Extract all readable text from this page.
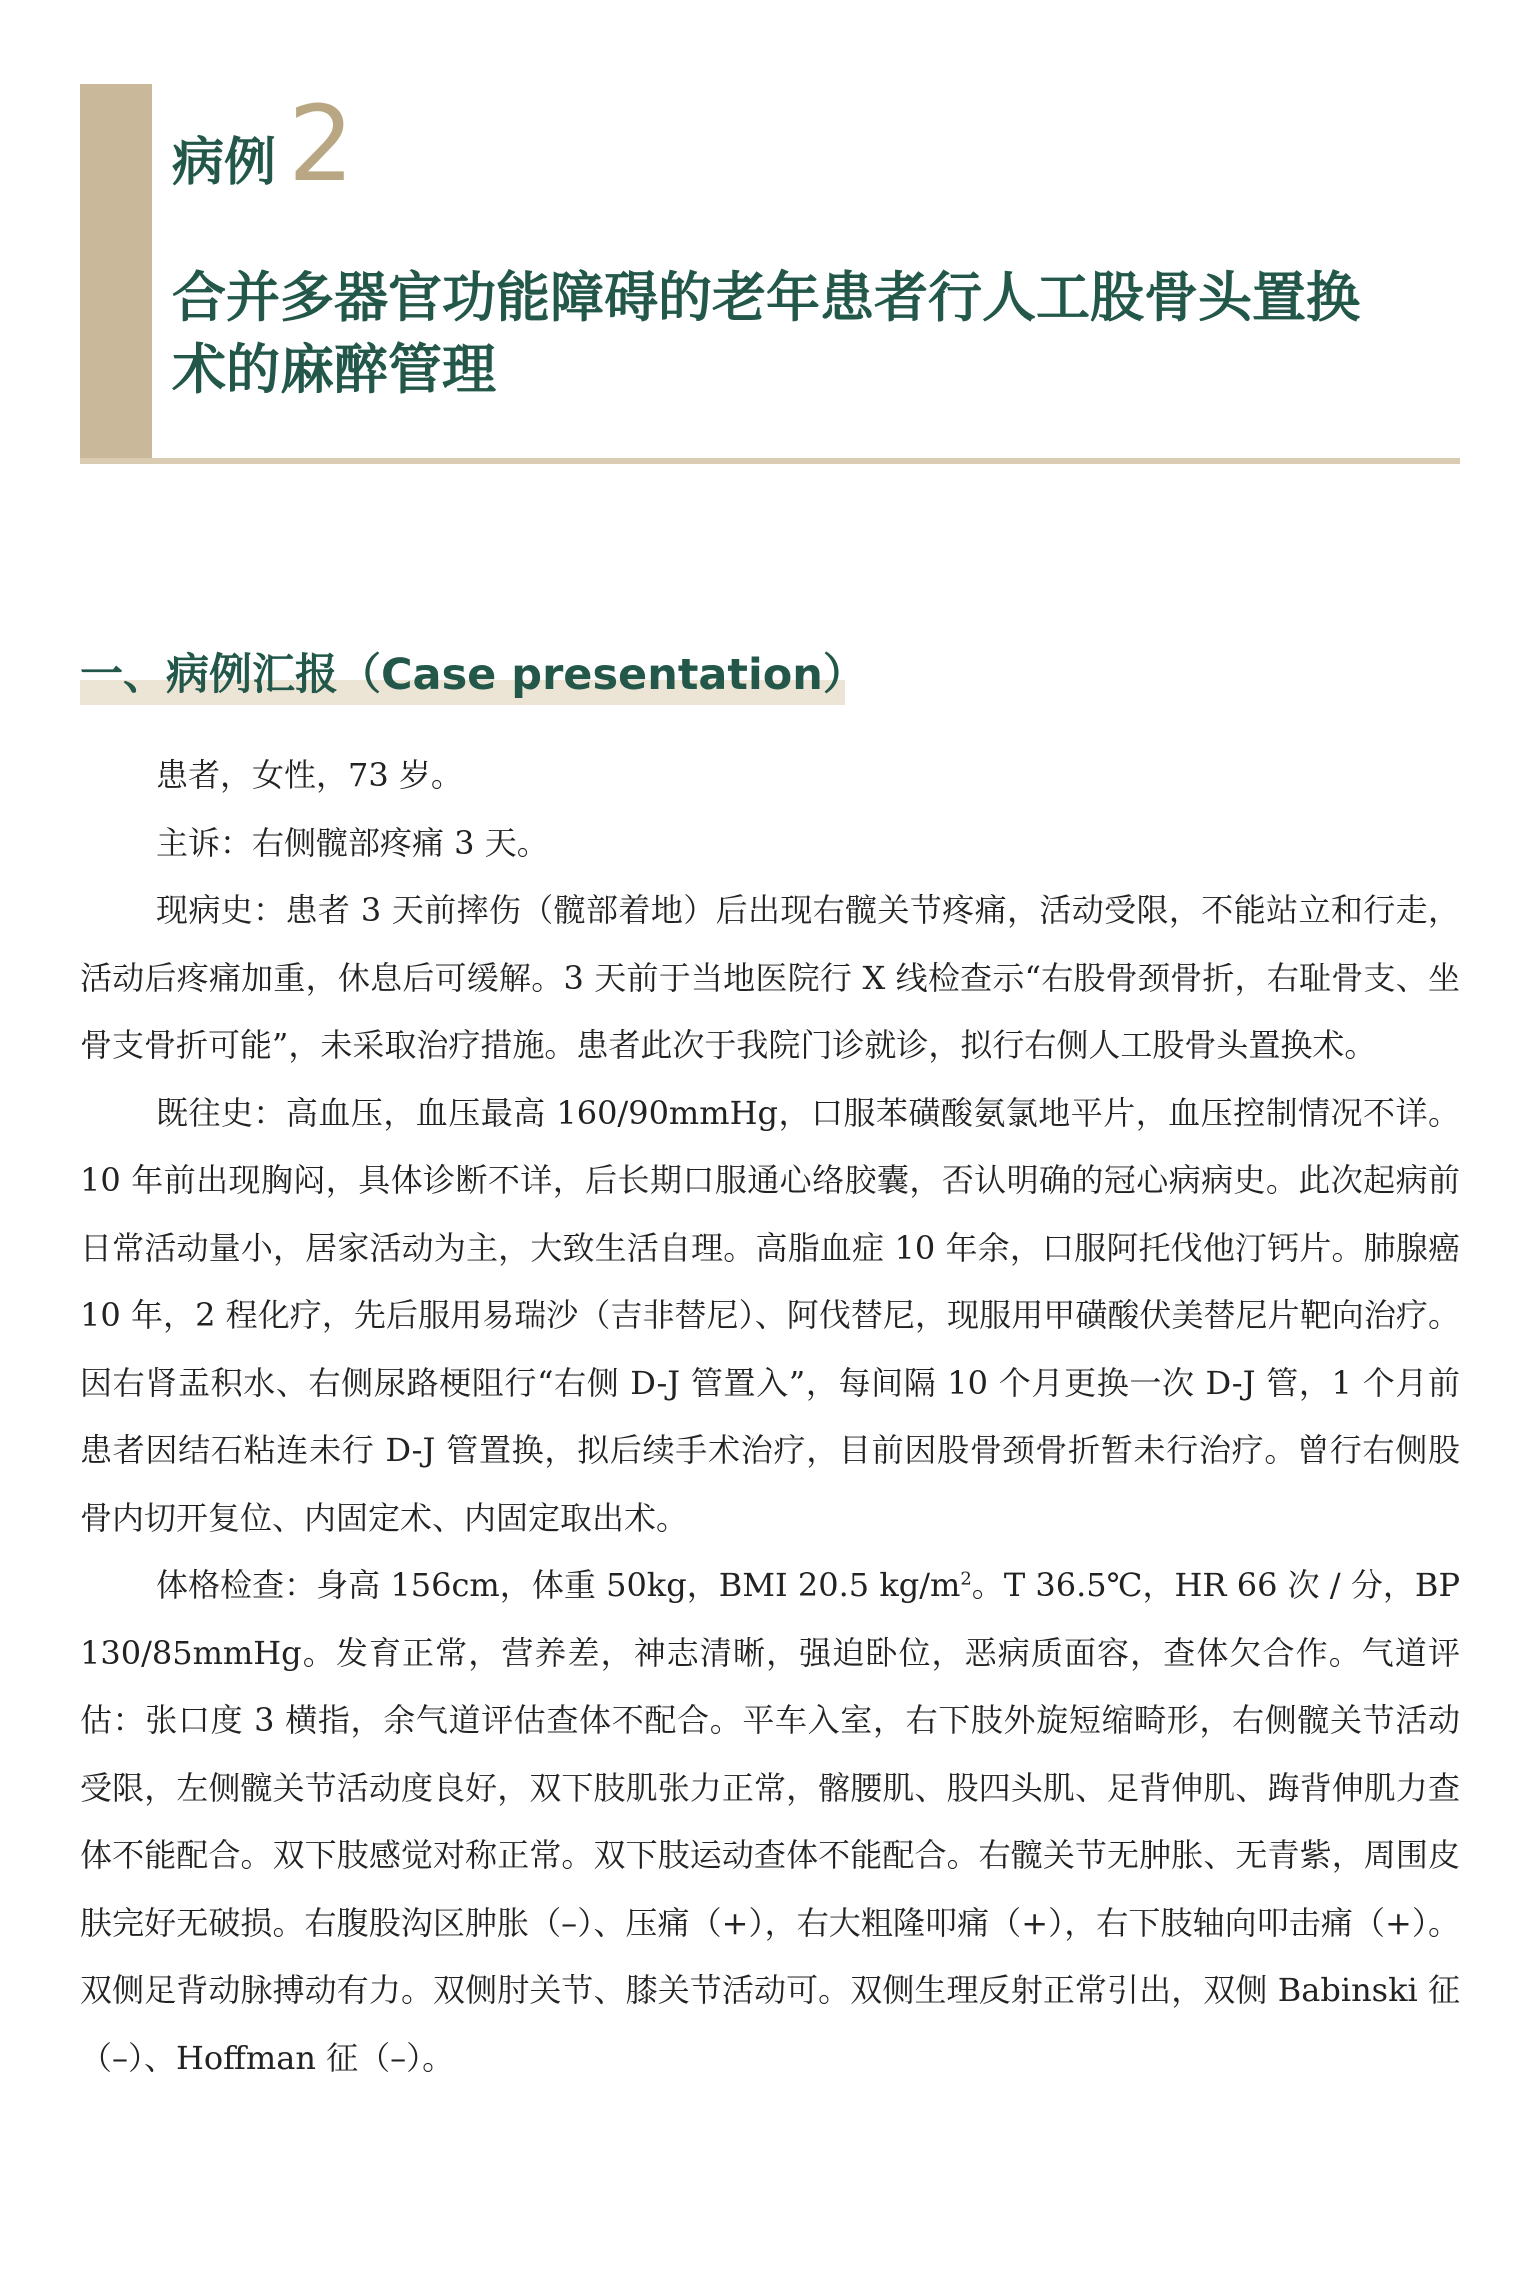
病例 2
合并多器官功能障碍的老年患者行人工股骨头置换术的麻醉管理
一、病例汇报（Case presentation）

患者，女性，73 岁。

主诉：右侧髋部疼痛 3 天。

现病史：患者 3 天前摔伤（髋部着地）后出现右髋关节疼痛，活动受限，不能站立和行走，活动后疼痛加重，休息后可缓解。3 天前于当地医院行 X 线检查示“右股骨颈骨折，右耻骨支、坐骨支骨折可能”，未采取治疗措施。患者此次于我院门诊就诊，拟行右侧人工股骨头置换术。

既往史：高血压，血压最高 160/90mmHg，口服苯磺酸氨氯地平片，血压控制情况不详。10 年前出现胸闷，具体诊断不详，后长期口服通心络胶囊，否认明确的冠心病病史。此次起病前日常活动量小，居家活动为主，大致生活自理。高脂血症 10 年余，口服阿托伐他汀钙片。肺腺癌 10 年，2 程化疗，先后服用易瑞沙（吉非替尼）、阿伐替尼，现服用甲磺酸伏美替尼片靶向治疗。因右肾盂积水、右侧尿路梗阻行“右侧 D-J 管置入”，每间隔 10 个月更换一次 D-J 管，1 个月前患者因结石粘连未行 D-J 管置换，拟后续手术治疗，目前因股骨颈骨折暂未行治疗。曾行右侧股骨内切开复位、内固定术、内固定取出术。

体格检查：身高 156cm，体重 50kg，BMI 20.5 $kg/m^2$。T 36.5℃，HR 66 次 / 分，BP 130/85mmHg。发育正常，营养差，神志清晰，强迫卧位，恶病质面容，查体欠合作。气道评估：张口度 3 横指，余气道评估查体不配合。平车入室，右下肢外旋短缩畸形，右侧髋关节活动受限，左侧髋关节活动度良好，双下肢肌张力正常，髂腰肌、股四头肌、足背伸肌、踇背伸肌力查体不能配合。双下肢感觉对称正常。双下肢运动查体不能配合。右髋关节无肿胀、无青紫，周围皮肤完好无破损。右腹股沟区肿胀（–）、压痛（+），右大粗隆叩痛（+），右下肢轴向叩击痛（+）。双侧足背动脉搏动有力。双侧肘关节、膝关节活动可。双侧生理反射正常引出，双侧 Babinski 征（–）、Hoffman 征（–）。
